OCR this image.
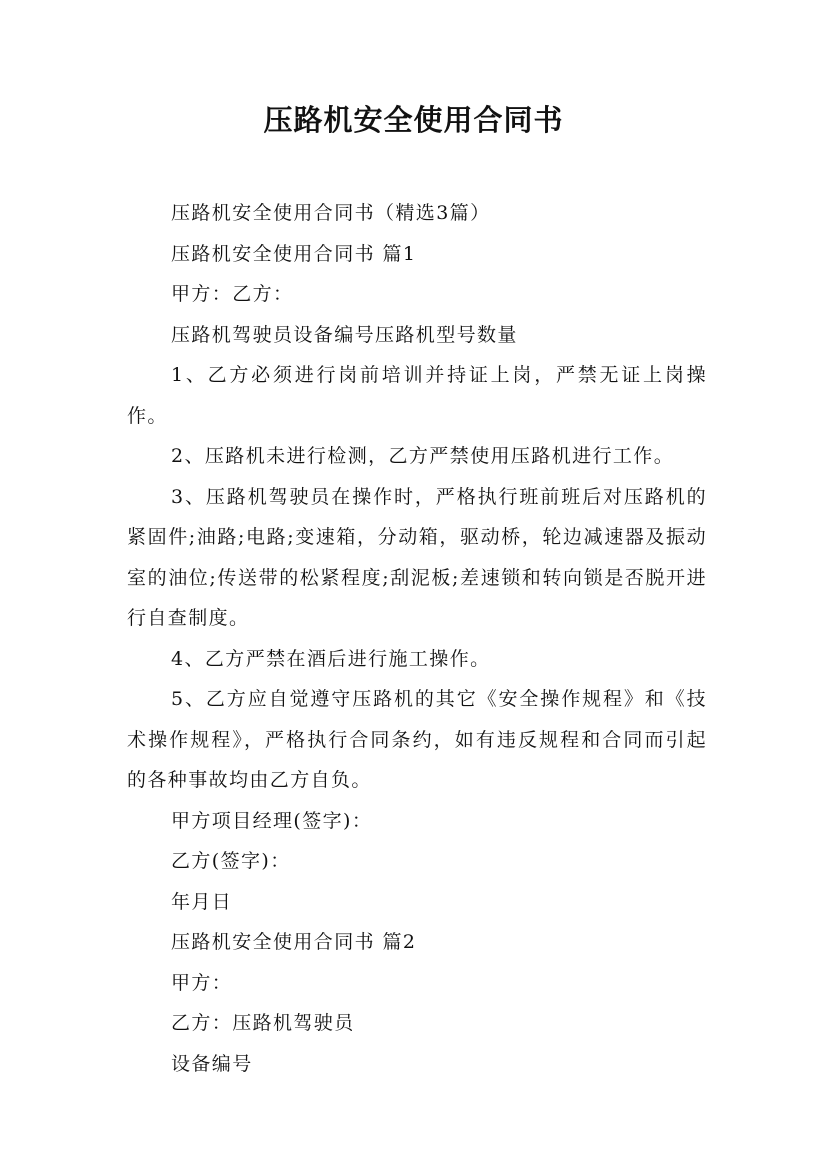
压路机安全使用合同书

压路机安全使用合同书（精选3篇）

压路机安全使用合同书 篇1

甲方：乙方：

压路机驾驶员设备编号压路机型号数量

1、乙方必须进行岗前培训并持证上岗，严禁无证上岗操作。

2、压路机未进行检测，乙方严禁使用压路机进行工作。

3、压路机驾驶员在操作时，严格执行班前班后对压路机的紧固件;油路;电路;变速箱，分动箱，驱动桥，轮边减速器及振动室的油位;传送带的松紧程度;刮泥板;差速锁和转向锁是否脱开进行自查制度。

4、乙方严禁在酒后进行施工操作。

5、乙方应自觉遵守压路机的其它《安全操作规程》和《技术操作规程》，严格执行合同条约，如有违反规程和合同而引起的各种事故均由乙方自负。

甲方项目经理(签字)：

乙方(签字)：

年月日

压路机安全使用合同书 篇2

甲方：

乙方：压路机驾驶员

设备编号
